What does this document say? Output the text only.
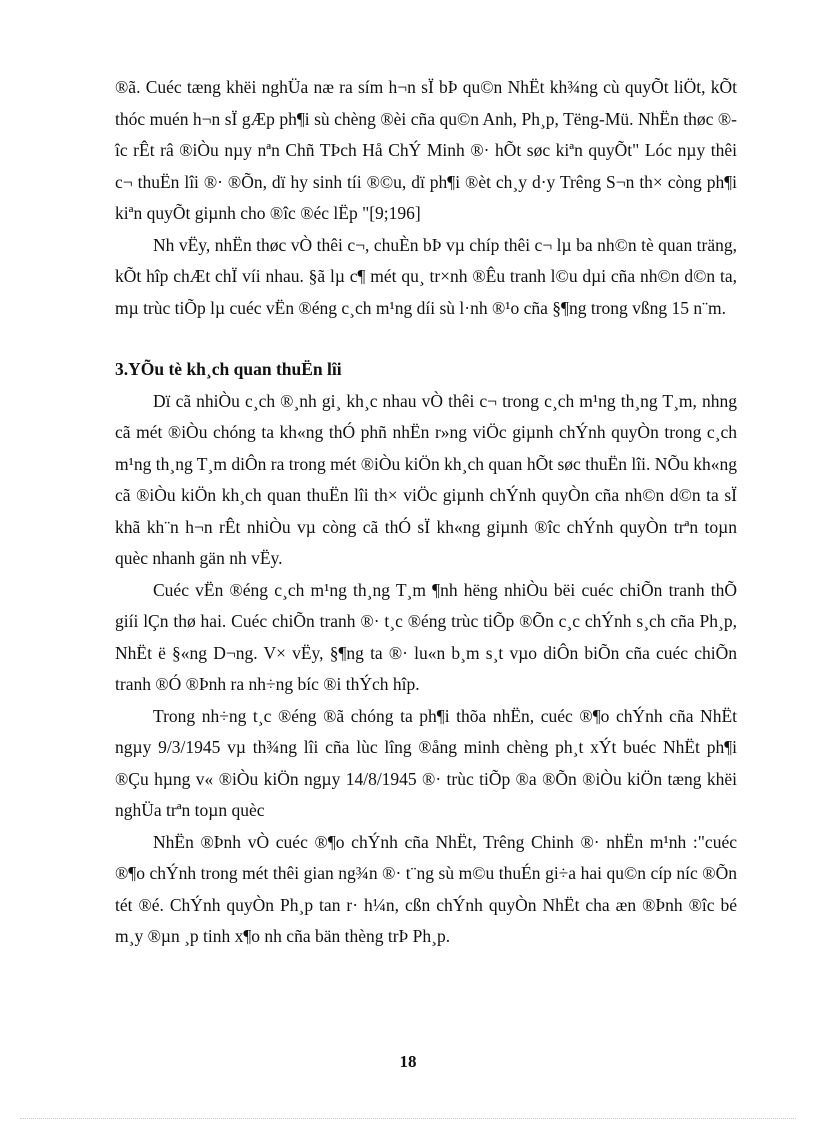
®ã. Cuéc tæng khëi nghÜa næ ra sím h¬n sÏ bÞ qu©n NhËt kh¾ng cù quyÕt liÖt, kÕt thóc muén h¬n sÏ gÆp ph¶i sù chèng ®èi cña qu©n Anh, Ph¸p, Tëng-Mü. NhËn thøc ®îc rÊt râ ®iÒu nµy nªn Chñ TÞch Hå ChÝ Minh ®· hÕt søc kiªn quyÕt" Lóc nµy thêi c¬ thuËn lîi ®· ®Õn, dï hy sinh tíi ®©u, dï ph¶i ®èt ch¸y d·y Trêng S¬n th× còng ph¶i kiªn quyÕt giµnh cho ®îc ®éc lËp "[9;196]

Nh vËy, nhËn thøc vÒ thêi c¬, chuÈn bÞ vµ chíp thêi c¬ lµ ba nh©n tè quan träng, kÕt hîp chÆt chÏ víi nhau. §ã lµ c¶ mét qu¸ tr×nh ®Êu tranh l©u dµi cña nh©n d©n ta, mµ trùc tiÕp lµ cuéc vËn ®éng c¸ch m¹ng díi sù l·nh ®¹o cña §¶ng trong vßng 15 n¨m.

3.YÕu tè kh¸ch quan thuËn lîi

Dï cã nhiÒu c¸ch ®¸nh gi¸ kh¸c nhau vÒ thêi c¬ trong c¸ch m¹ng th¸ng T¸m, nhng cã mét ®iÒu chóng ta kh«ng thÓ phñ nhËn r»ng viÖc giµnh chÝnh quyÒn trong c¸ch m¹ng th¸ng T¸m diÔn ra trong mét ®iÒu kiÖn kh¸ch quan hÕt søc thuËn lîi. NÕu kh«ng cã ®iÒu kiÖn kh¸ch quan thuËn lîi th× viÖc giµnh chÝnh quyÒn cña nh©n d©n ta sÏ khã kh¨n h¬n rÊt nhiÒu vµ còng cã thÓ sÏ kh«ng giµnh ®îc chÝnh quyÒn trªn toµn quèc nhanh gän nh vËy.

Cuéc vËn ®éng c¸ch m¹ng th¸ng T¸m ¶nh hëng nhiÒu bëi cuéc chiÕn tranh thÕ giíi lÇn thø hai. Cuéc chiÕn tranh ®· t¸c ®éng trùc tiÕp ®Õn c¸c chÝnh s¸ch cña Ph¸p, NhËt ë §«ng D¬ng. V× vËy, §¶ng ta ®· lu«n b¸m s¸t vµo diÔn biÕn cña cuéc chiÕn tranh ®Ó ®Þnh ra nh÷ng bíc ®i thÝch hîp.

Trong nh÷ng t¸c ®éng ®ã chóng ta ph¶i thõa nhËn, cuéc ®¶o chÝnh cña NhËt ngµy 9/3/1945 vµ th¾ng lîi cña lùc lîng ®ång minh chèng ph¸t xÝt buéc NhËt ph¶i ®Çu hµng v« ®iÒu kiÖn ngµy 14/8/1945 ®· trùc tiÕp ®a ®Õn ®iÒu kiÖn tæng khëi nghÜa trªn toµn quèc

NhËn ®Þnh vÒ cuéc ®¶o chÝnh cña NhËt, Trêng Chinh ®· nhËn m¹nh :"cuéc ®¶o chÝnh trong mét thêi gian ng¾n ®· t¨ng sù m©u thuÉn gi÷a hai qu©n cíp níc ®Õn tét ®é. ChÝnh quyÒn Ph¸p tan r· h¼n, cßn chÝnh quyÒn NhËt cha æn ®Þnh ®îc bé m¸y ®µn ¸p tinh x¶o nh cña bän thèng trÞ Ph¸p.

18
